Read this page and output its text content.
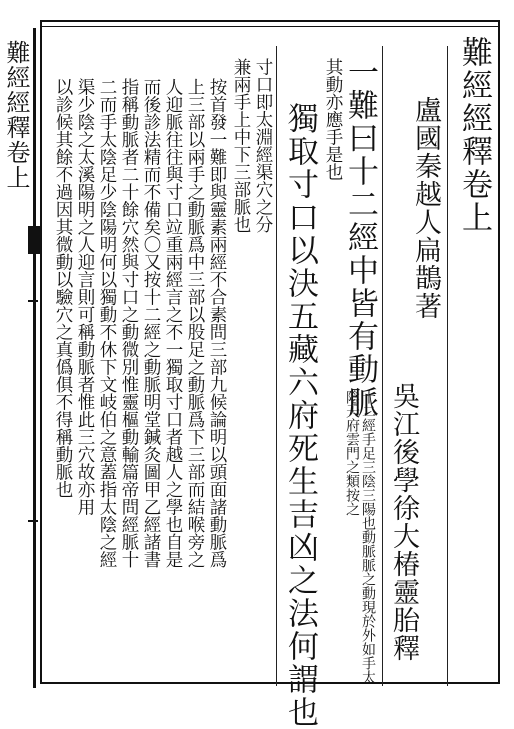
難經經釋卷上	難經經釋卷上
盧國秦越人扁鵲著
吳江後學徐大椿靈胎釋
一難曰十二經中皆有動脈
十二經手足三陰三陽也動脈脈之動現於外如手太陰天府雲門之類按之
其動亦應手是也
獨取寸口以決五藏六府死生吉凶之法何謂也
寸口即太淵經渠穴之分
兼兩手上中下三部脈也
按首發一難即與靈素兩經不合素問三部九候論明以頭面諸動脈爲
上三部以兩手之動脈爲中三部以股足之動脈爲下三部而結喉旁之
人迎脈往往與寸口竝重兩經言之不一獨取寸口者越人之學也自是
而後診法精而不備矣〇又按十二經之動脈明堂鍼灸圖甲乙經諸書
指稱動脈者二十餘穴然與寸口之動微別惟靈樞動輸篇帝問經脈十
二而手太陰足少陰陽明何以獨動不休下文岐伯之意蓋指太陰之經
渠少陰之太溪陽明之人迎言則可稱動脈者惟此三穴故亦用
以診候其餘不過因其微動以驗穴之真僞俱不得稱動脈也
